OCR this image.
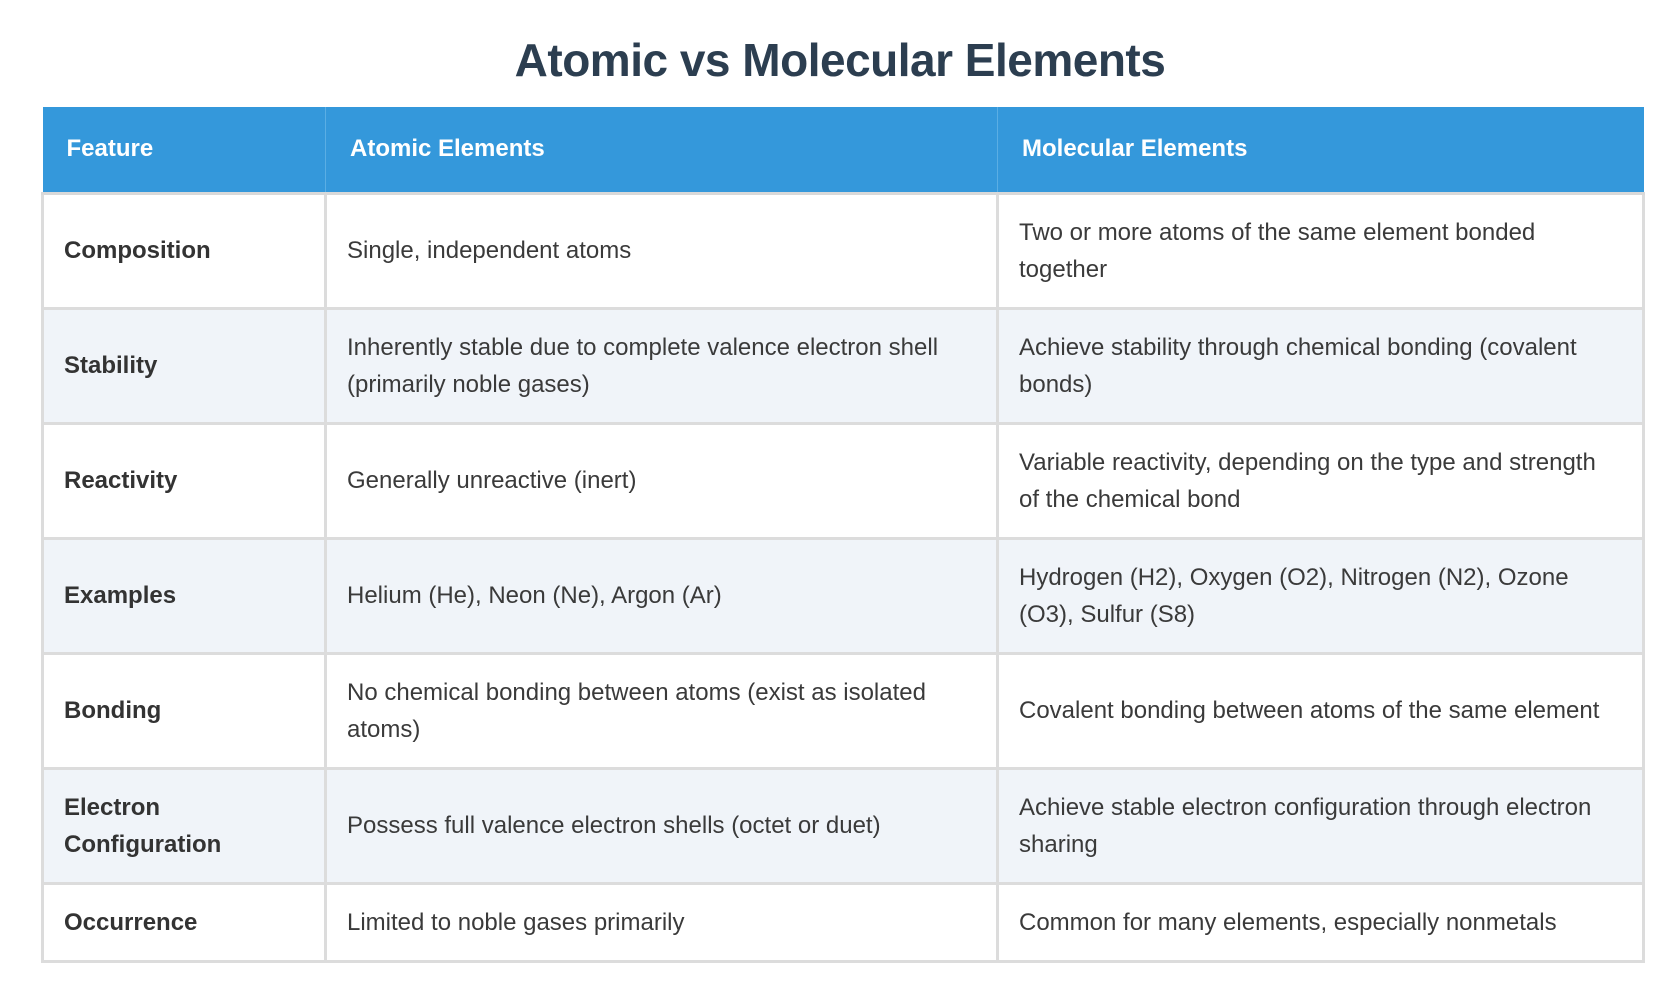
Atomic vs Molecular Elements
Feature	Atomic Elements	Molecular Elements
Composition	Single, independent atoms	Two or more atoms of the same element bonded together
Stability	Inherently stable due to complete valence electron shell (primarily noble gases)	Achieve stability through chemical bonding (covalent bonds)
Reactivity	Generally unreactive (inert)	Variable reactivity, depending on the type and strength of the chemical bond
Examples	Helium (He), Neon (Ne), Argon (Ar)	Hydrogen (H2), Oxygen (O2), Nitrogen (N2), Ozone (O3), Sulfur (S8)
Bonding	No chemical bonding between atoms (exist as isolated atoms)	Covalent bonding between atoms of the same element
Electron Configuration	Possess full valence electron shells (octet or duet)	Achieve stable electron configuration through electron sharing
Occurrence	Limited to noble gases primarily	Common for many elements, especially nonmetals
